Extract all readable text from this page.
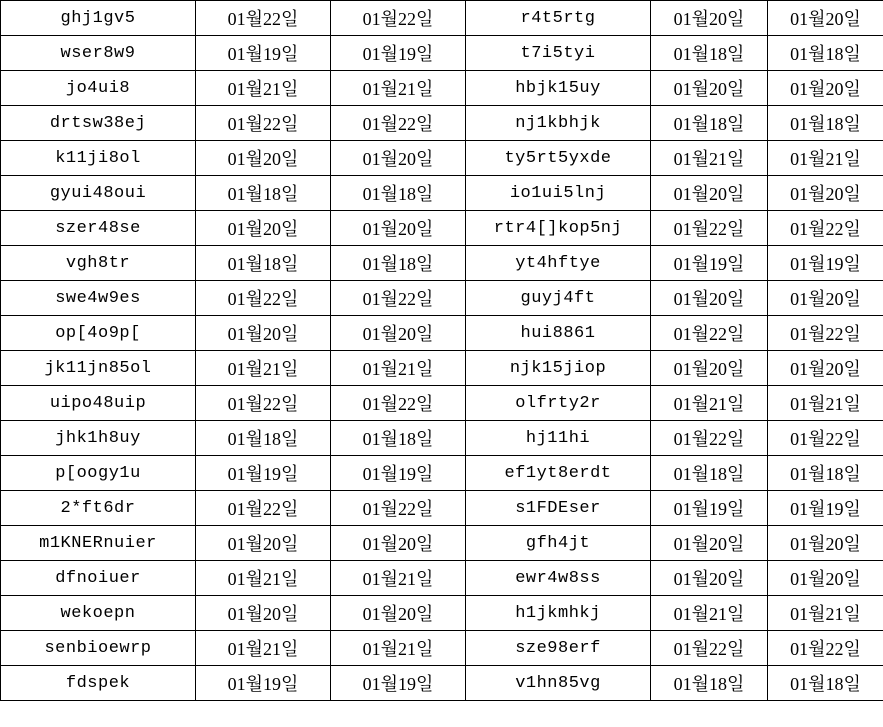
ghj1gv5	01월22일	01월22일	r4t5rtg	01월20일	01월20일
wser8w9	01월19일	01월19일	t7i5tyi	01월18일	01월18일
jo4ui8	01월21일	01월21일	hbjk15uy	01월20일	01월20일
drtsw38ej	01월22일	01월22일	nj1kbhjk	01월18일	01월18일
k11ji8ol	01월20일	01월20일	ty5rt5yxde	01월21일	01월21일
gyui48oui	01월18일	01월18일	io1ui5lnj	01월20일	01월20일
szer48se	01월20일	01월20일	rtr4[]kop5nj	01월22일	01월22일
vgh8tr	01월18일	01월18일	yt4hftye	01월19일	01월19일
swe4w9es	01월22일	01월22일	guyj4ft	01월20일	01월20일
op[4o9p[	01월20일	01월20일	hui8861	01월22일	01월22일
jk11jn85ol	01월21일	01월21일	njk15jiop	01월20일	01월20일
uipo48uip	01월22일	01월22일	olfrty2r	01월21일	01월21일
jhk1h8uy	01월18일	01월18일	hj11hi	01월22일	01월22일
p[oogy1u	01월19일	01월19일	ef1yt8erdt	01월18일	01월18일
2*ft6dr	01월22일	01월22일	s1FDEser	01월19일	01월19일
m1KNERnuier	01월20일	01월20일	gfh4jt	01월20일	01월20일
dfnoiuer	01월21일	01월21일	ewr4w8ss	01월20일	01월20일
wekoepn	01월20일	01월20일	h1jkmhkj	01월21일	01월21일
senbioewrp	01월21일	01월21일	sze98erf	01월22일	01월22일
fdspek	01월19일	01월19일	v1hn85vg	01월18일	01월18일
